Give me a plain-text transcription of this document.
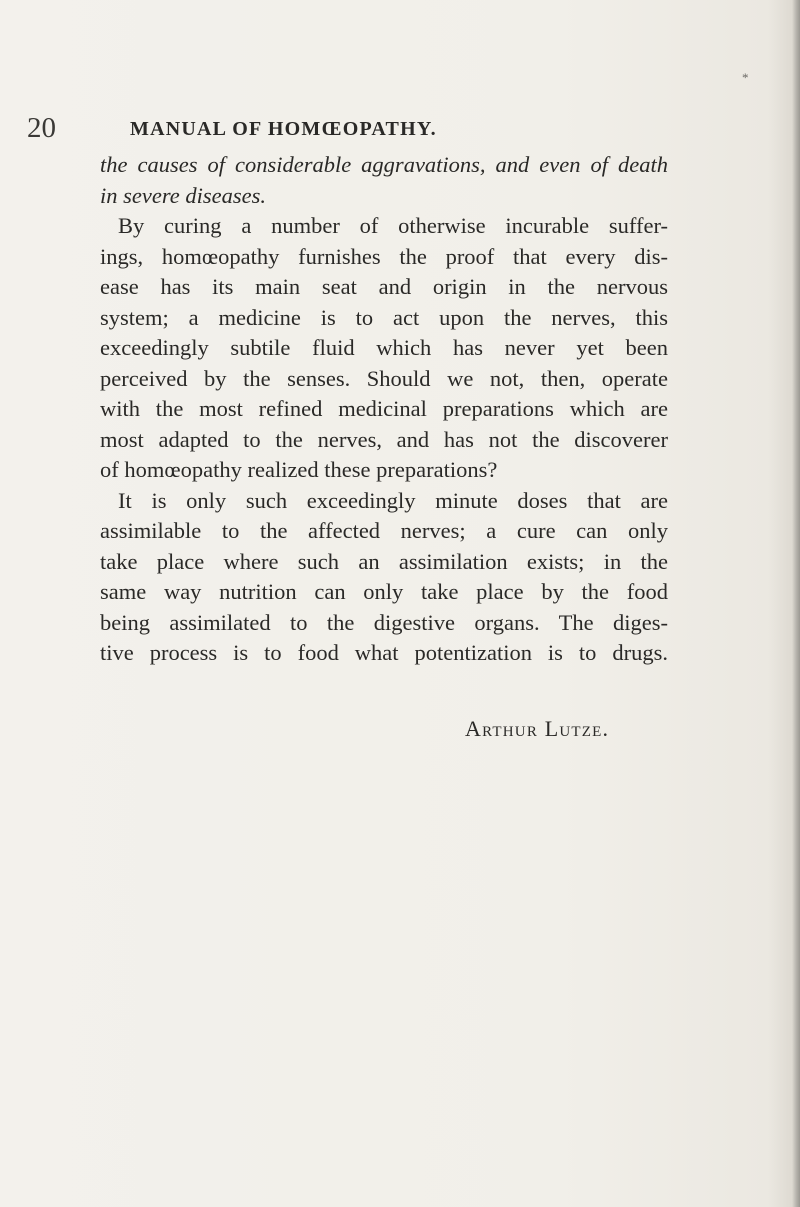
*
20	MANUAL OF HOMŒOPATHY.
the causes of considerable aggravations, and even of death
in severe diseases.
By curing a number of otherwise incurable suffer-
ings, homœopathy furnishes the proof that every dis-
ease has its main seat and origin in the nervous
system; a medicine is to act upon the nerves, this
exceedingly subtile fluid which has never yet been
perceived by the senses. Should we not, then, operate
with the most refined medicinal preparations which are
most adapted to the nerves, and has not the discoverer
of homœopathy realized these preparations?
It is only such exceedingly minute doses that are
assimilable to the affected nerves; a cure can only
take place where such an assimilation exists; in the
same way nutrition can only take place by the food
being assimilated to the digestive organs. The diges-
tive process is to food what potentization is to drugs.
Arthur Lutze.
